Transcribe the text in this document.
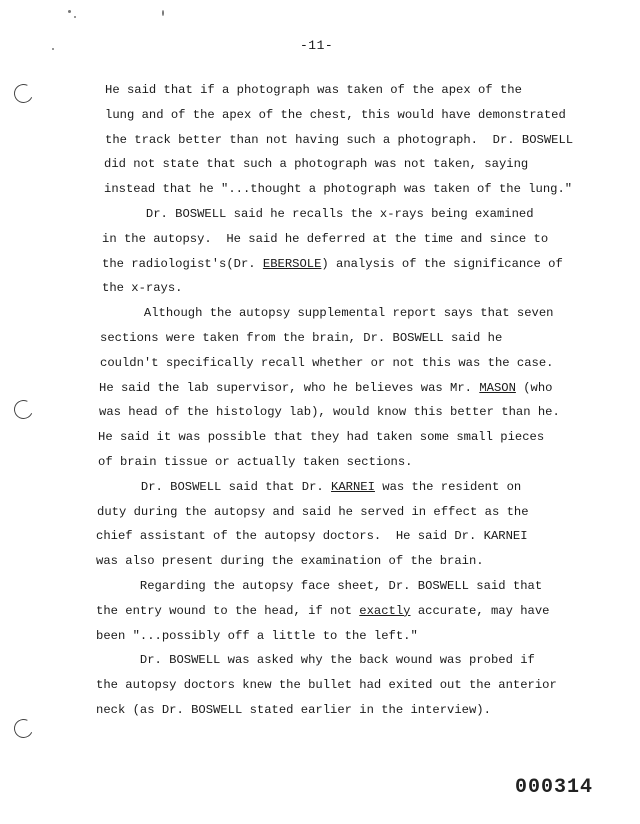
-11-

He said that if a photograph was taken of the apex of the

lung and of the apex of the chest, this would have demonstrated

the track better than not having such a photograph.  Dr. BOSWELL

did not state that such a photograph was not taken, saying

instead that he "...thought a photograph was taken of the lung."

Dr. BOSWELL said he recalls the x-rays being examined

in the autopsy.  He said he deferred at the time and since to

the radiologist's(Dr. EBERSOLE) analysis of the significance of

the x-rays.

Although the autopsy supplemental report says that seven

sections were taken from the brain, Dr. BOSWELL said he

couldn't specifically recall whether or not this was the case.

He said the lab supervisor, who he believes was Mr. MASON (who

was head of the histology lab), would know this better than he.

He said it was possible that they had taken some small pieces

of brain tissue or actually taken sections.

Dr. BOSWELL said that Dr. KARNEI was the resident on

duty during the autopsy and said he served in effect as the

chief assistant of the autopsy doctors.  He said Dr. KARNEI

was also present during the examination of the brain.

Regarding the autopsy face sheet, Dr. BOSWELL said that

the entry wound to the head, if not exactly accurate, may have

been "...possibly off a little to the left."

Dr. BOSWELL was asked why the back wound was probed if

the autopsy doctors knew the bullet had exited out the anterior

neck (as Dr. BOSWELL stated earlier in the interview).

000314
